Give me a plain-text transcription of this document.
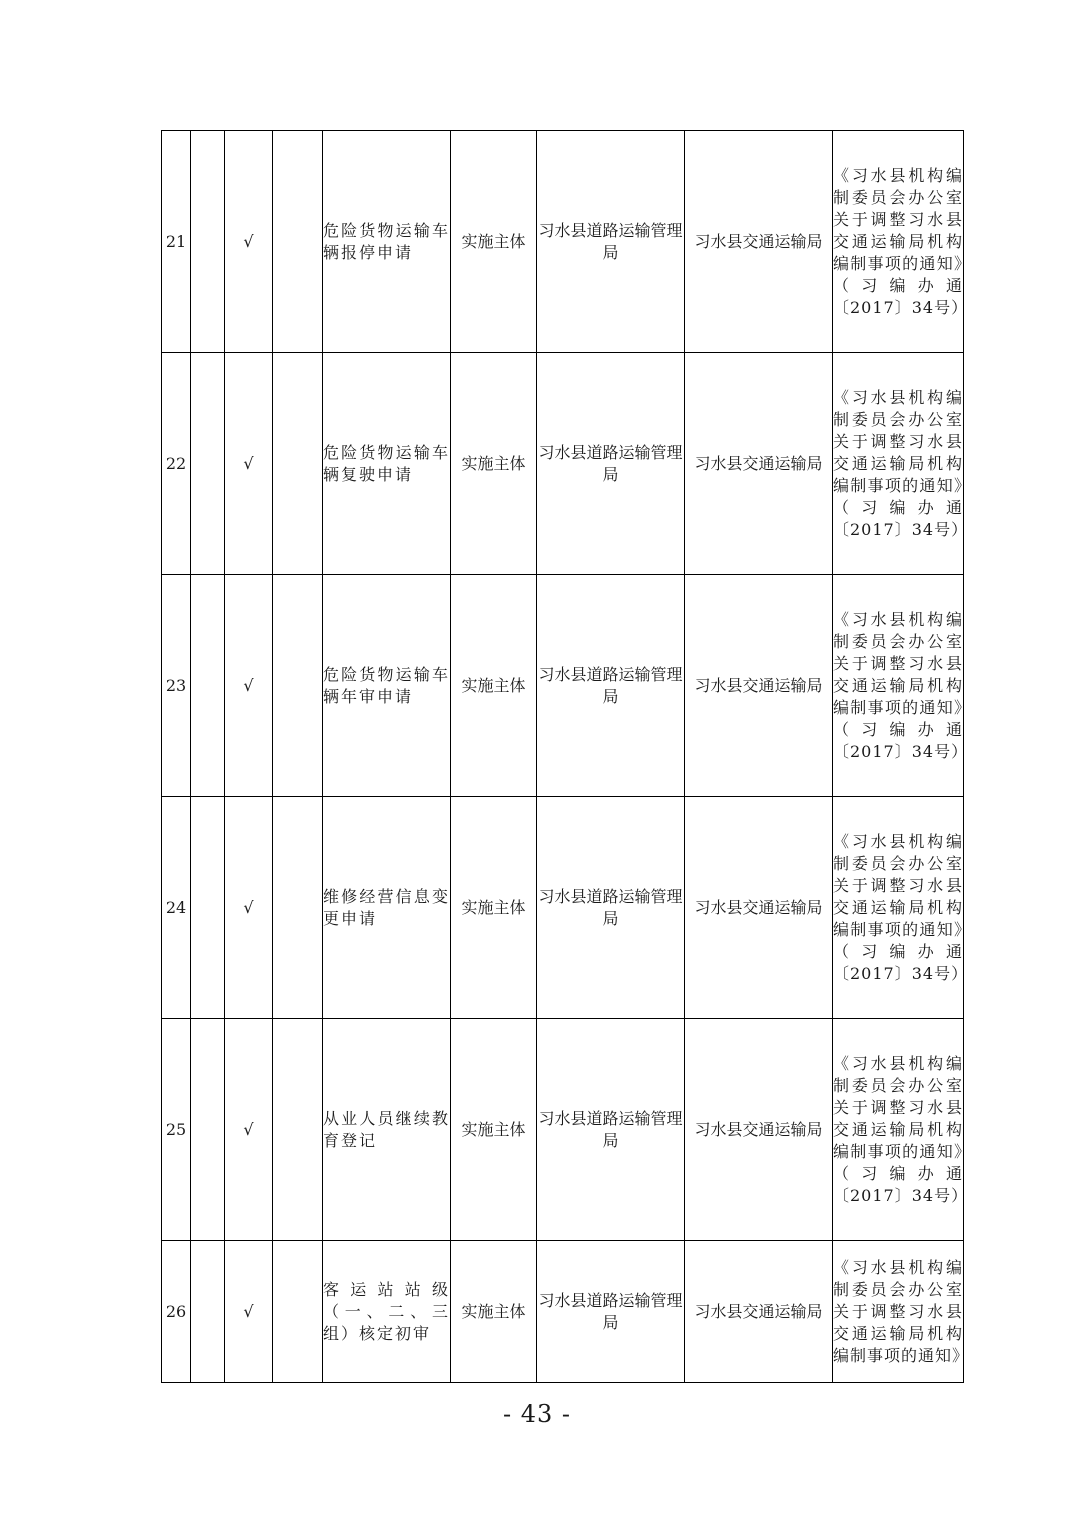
21		√		危险货物运输车辆报停申请	实施主体	习水县道路运输管理局	习水县交通运输局	《习水县机构编制委员会办公室关于调整习水县交通运输局机构编制事项的通知》（习编办通〔2017〕34号）

22		√		危险货物运输车辆复驶申请	实施主体	习水县道路运输管理局	习水县交通运输局	《习水县机构编制委员会办公室关于调整习水县交通运输局机构编制事项的通知》（习编办通〔2017〕34号）

23		√		危险货物运输车辆年审申请	实施主体	习水县道路运输管理局	习水县交通运输局	《习水县机构编制委员会办公室关于调整习水县交通运输局机构编制事项的通知》（习编办通〔2017〕34号）

24		√		维修经营信息变更申请	实施主体	习水县道路运输管理局	习水县交通运输局	《习水县机构编制委员会办公室关于调整习水县交通运输局机构编制事项的通知》（习编办通〔2017〕34号）

25		√		从业人员继续教育登记	实施主体	习水县道路运输管理局	习水县交通运输局	《习水县机构编制委员会办公室关于调整习水县交通运输局机构编制事项的通知》（习编办通〔2017〕34号）

26		√		客运站站级（一、二、三组）核定初审	实施主体	习水县道路运输管理局	习水县交通运输局	《习水县机构编制委员会办公室关于调整习水县交通运输局机构编制事项的通知》
- 43 -
